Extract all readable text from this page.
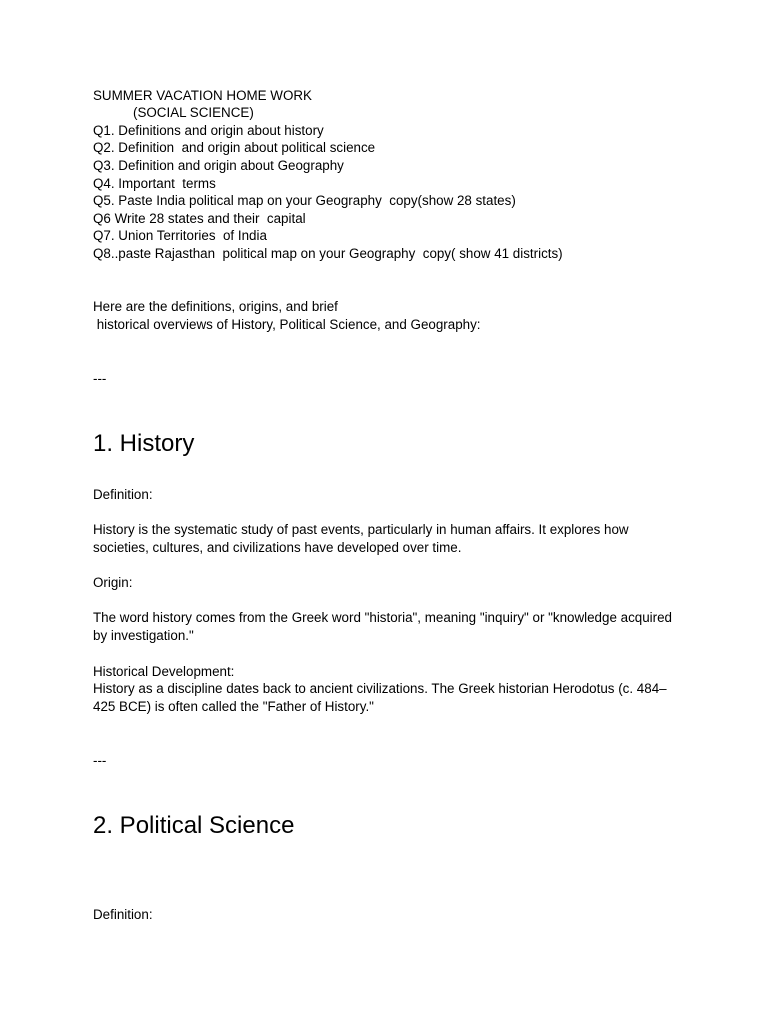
SUMMER VACATION HOME WORK

(SOCIAL SCIENCE)

Q1. Definitions and origin about history

Q2. Definition  and origin about political science

Q3. Definition and origin about Geography

Q4. Important  terms

Q5. Paste India political map on your Geography  copy(show 28 states)

Q6 Write 28 states and their  capital

Q7. Union Territories  of India

Q8..paste Rajasthan  political map on your Geography  copy( show 41 districts)

Here are the definitions, origins, and brief

historical overviews of History, Political Science, and Geography:

---

1. History

Definition:

History is the systematic study of past events, particularly in human affairs. It explores how societies, cultures, and civilizations have developed over time.

Origin:

The word history comes from the Greek word "historia", meaning "inquiry" or "knowledge acquired by investigation."

Historical Development:

History as a discipline dates back to ancient civilizations. The Greek historian Herodotus (c. 484–425 BCE) is often called the "Father of History."

---

2. Political Science

Definition:
